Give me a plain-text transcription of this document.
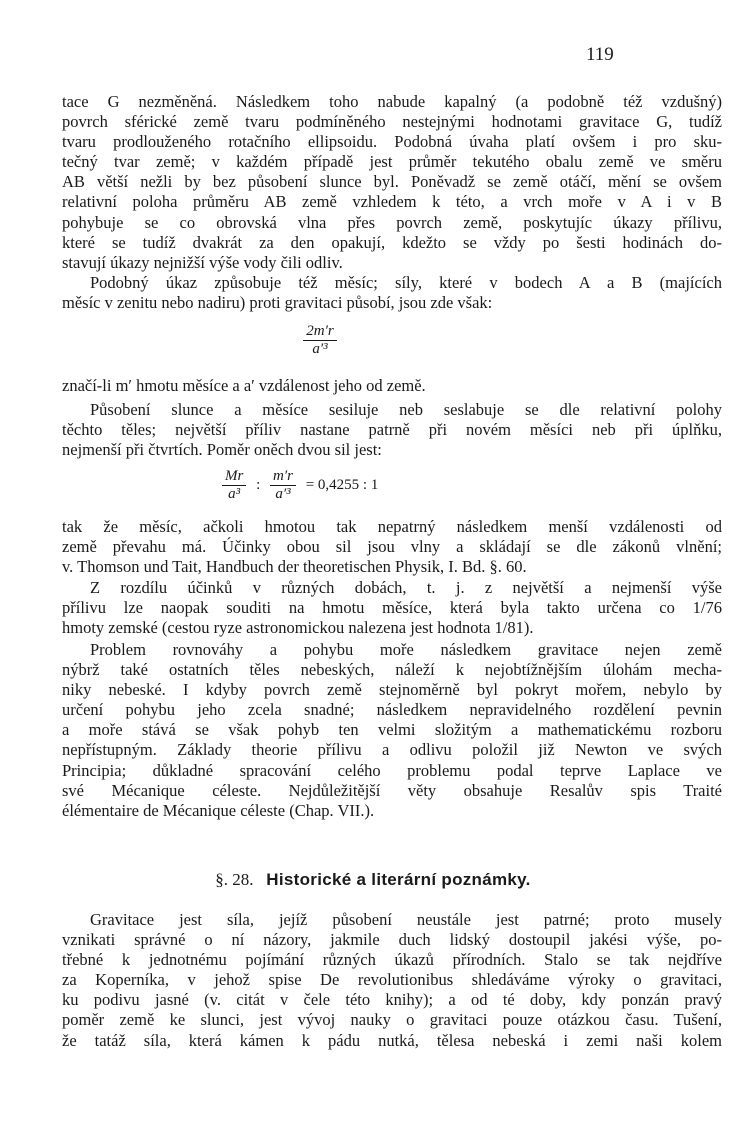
119
tace G nezměněná. Následkem toho nabude kapalný (a podobně též vzdušný)
povrch sférické země tvaru podmíněného nestejnými hodnotami gravitace G, tudíž
tvaru prodlouženého rotačního ellipsoidu. Podobná úvaha platí ovšem i pro sku-
tečný tvar země; v každém případě jest průměr tekutého obalu země ve směru
AB větší nežli by bez působení slunce byl. Poněvadž se země otáčí, mění se ovšem
relativní poloha průměru AB země vzhledem k této, a vrch moře v A i v B
pohybuje se co obrovská vlna přes povrch země, poskytujíc úkazy přílivu,
které se tudíž dvakrát za den opakují, kdežto se vždy po šesti hodinách do-
stavují úkazy nejnižší výše vody čili odliv.
Podobný úkaz způsobuje též měsíc; síly, které v bodech A a B (majících
měsíc v zenitu nebo nadiru) proti gravitaci působí, jsou zde však:
$\frac{2m'r}{\text{a′³}}$
značí-li m′ hmotu měsíce a a′ vzdálenost jeho od země.
Působení slunce a měsíce sesiluje neb seslabuje se dle relativní polohy
těchto těles; největší příliv nastane patrně při novém měsíci neb při úplňku,
nejmenší při čtvrtích. Poměr oněch dvou sil jest:
$\frac{Mr}{\text{a³}}$ : $\frac{m'r}{\text{a′³}} = 0,4255$ : 1
tak že měsíc, ačkoli hmotou tak nepatrný následkem menší vzdálenosti od
země převahu má. Účinky obou sil jsou vlny a skládají se dle zákonů vlnění;
v. Thomson und Tait, Handbuch der theoretischen Physik, I. Bd. §. 60.
Z rozdílu účinků v různých dobách, t. j. z největší a nejmenší výše
přílivu lze naopak souditi na hmotu měsíce, která byla takto určena co 1/76
hmoty zemské (cestou ryze astronomickou nalezena jest hodnota 1/81).
Problem rovnováhy a pohybu moře následkem gravitace nejen země
nýbrž také ostatních těles nebeských, náleží k nejobtížnějším úlohám mecha-
niky nebeské. I kdyby povrch země stejnoměrně byl pokryt mořem, nebylo by
určení pohybu jeho zcela snadné; následkem nepravidelného rozdělení pevnin
a moře stává se však pohyb ten velmi složitým a mathematickému rozboru
nepřístupným. Základy theorie přílivu a odlivu položil již Newton ve svých
Principia; důkladné spracování celého problemu podal teprve Laplace ve
své Mécanique céleste. Nejdůležitější věty obsahuje Resalův spis Traité
élémentaire de Mécanique céleste (Chap. VII.).
§. 28. Historické a literární poznámky.
Gravitace jest síla, jejíž působení neustále jest patrné; proto musely
vznikati správné o ní názory, jakmile duch lidský dostoupil jakési výše, po-
třebné k jednotnému pojímání různých úkazů přírodních. Stalo se tak nejdříve
za Koperníka, v jehož spise De revolutionibus shledáváme výroky o gravitaci,
ku podivu jasné (v. citát v čele této knihy); a od té doby, kdy ponzán pravý
poměr země ke slunci, jest vývoj nauky o gravitaci pouze otázkou času. Tušení,
že tatáž síla, která kámen k pádu nutká, tělesa nebeská i zemi naši kolem
